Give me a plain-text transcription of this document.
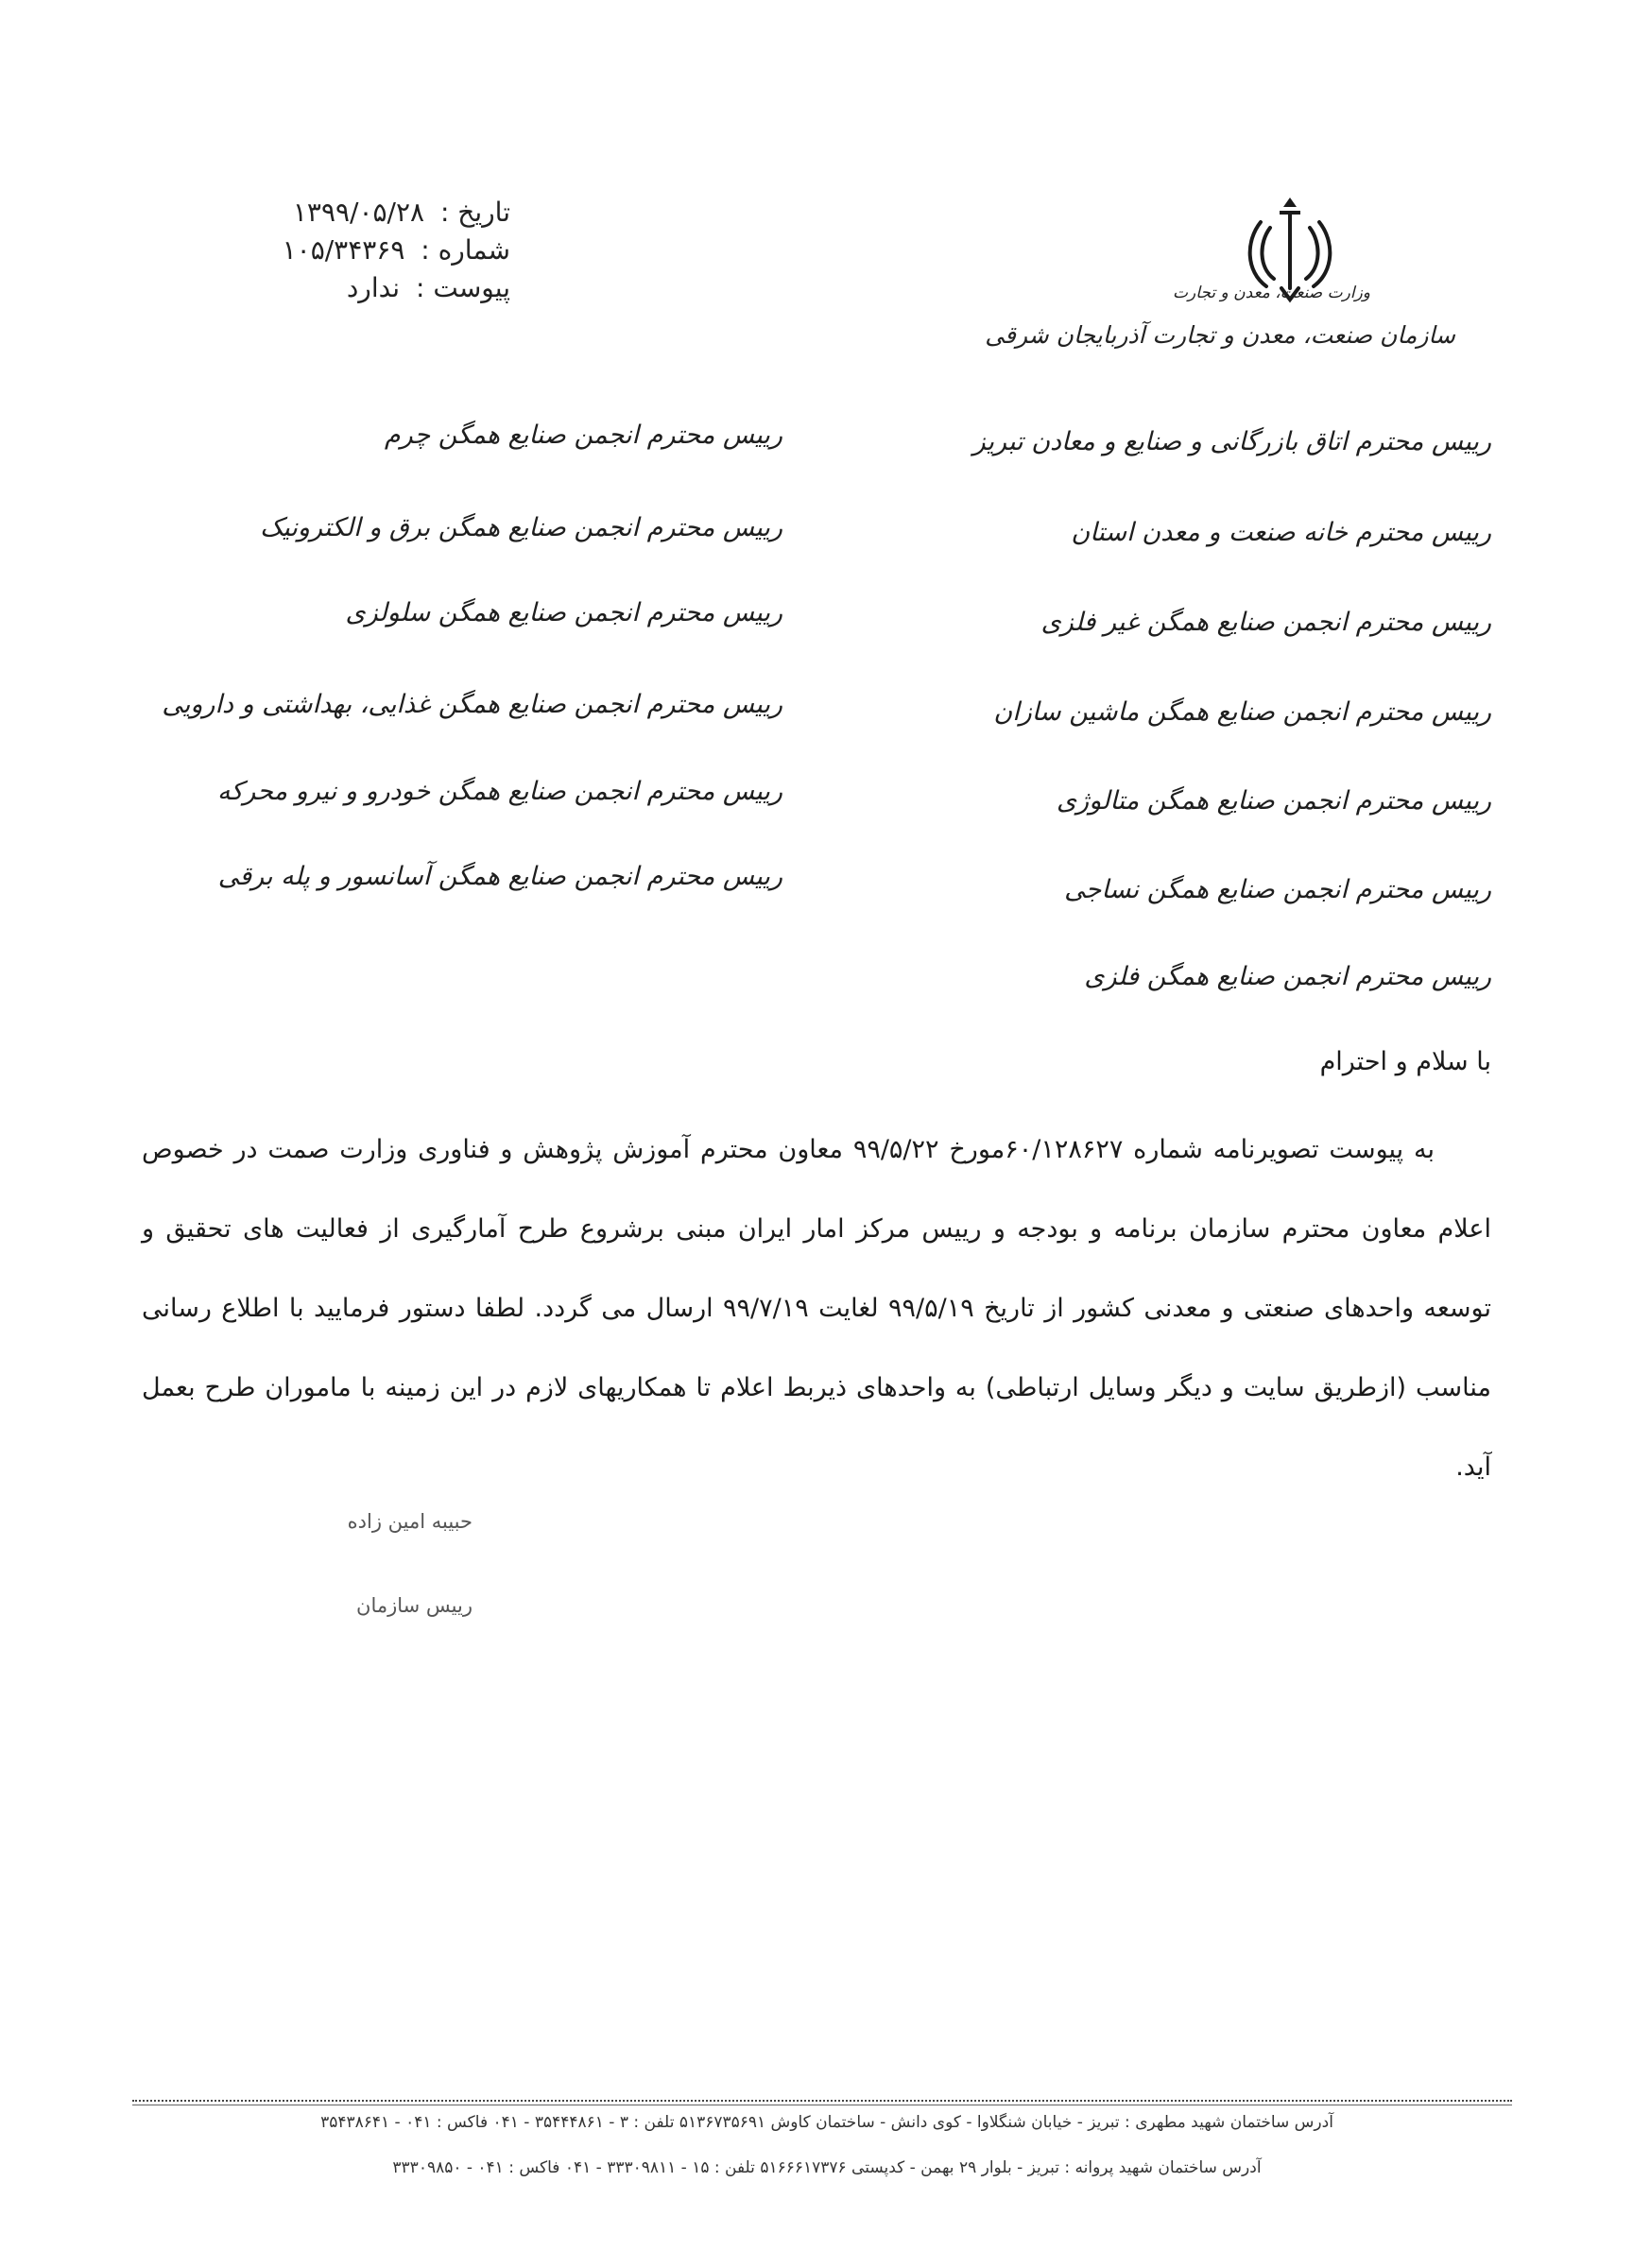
تاریخ : ۱۳۹۹/۰۵/۲۸
شماره : ۱۰۵/۳۴۳۶۹
پیوست : ندارد	وزارت صنعت، معدن و تجارت
سازمان صنعت، معدن و تجارت آذربایجان شرقی
رییس محترم اتاق بازرگانی و صنایع و معادن تبریز
رییس محترم خانه صنعت و معدن استان
رییس محترم انجمن صنایع همگن غیر فلزی
رییس محترم انجمن صنایع همگن ماشین سازان
رییس محترم انجمن صنایع همگن متالوژی
رییس محترم انجمن صنایع همگن نساجی
رییس محترم انجمن صنایع همگن فلزی
رییس محترم انجمن صنایع همگن چرم
رییس محترم انجمن صنایع همگن برق و الکترونیک
رییس محترم انجمن صنایع همگن سلولزی
رییس محترم انجمن صنایع همگن غذایی، بهداشتی و دارویی
رییس محترم انجمن صنایع همگن خودرو و نیرو محرکه
رییس محترم انجمن صنایع همگن آسانسور و پله برقی
با سلام و احترام
به پیوست تصویرنامه شماره ۶۰/۱۲۸۶۲۷مورخ ۹۹/۵/۲۲ معاون محترم آموزش پژوهش و فناوری وزارت صمت در خصوص اعلام معاون محترم سازمان برنامه و بودجه و رییس مرکز امار ایران مبنی برشروع طرح آمارگیری از فعالیت های تحقیق و توسعه واحدهای صنعتی و معدنی کشور از تاریخ ۹۹/۵/۱۹ لغایت ۹۹/۷/۱۹ ارسال می گردد. لطفا دستور فرمایید با اطلاع رسانی مناسب (ازطریق سایت و دیگر وسایل ارتباطی) به واحدهای ذیربط اعلام تا همکاریهای لازم در این زمینه با ماموران طرح بعمل آید.
حبیبه امین زاده
رییس سازمان
آدرس ساختمان شهید مطهری : تبریز - خیابان شنگلاوا - کوی دانش - ساختمان کاوش ۵۱۳۶۷۳۵۶۹۱ تلفن : ۳ - ۳۵۴۴۴۸۶۱ - ۰۴۱ فاکس : ۰۴۱ - ۳۵۴۳۸۶۴۱
آدرس ساختمان شهید پروانه : تبریز - بلوار ۲۹ بهمن - کدپستی ۵۱۶۶۶۱۷۳۷۶ تلفن : ۱۵ - ۳۳۳۰۹۸۱۱ - ۰۴۱ فاکس : ۰۴۱ - ۳۳۳۰۹۸۵۰
